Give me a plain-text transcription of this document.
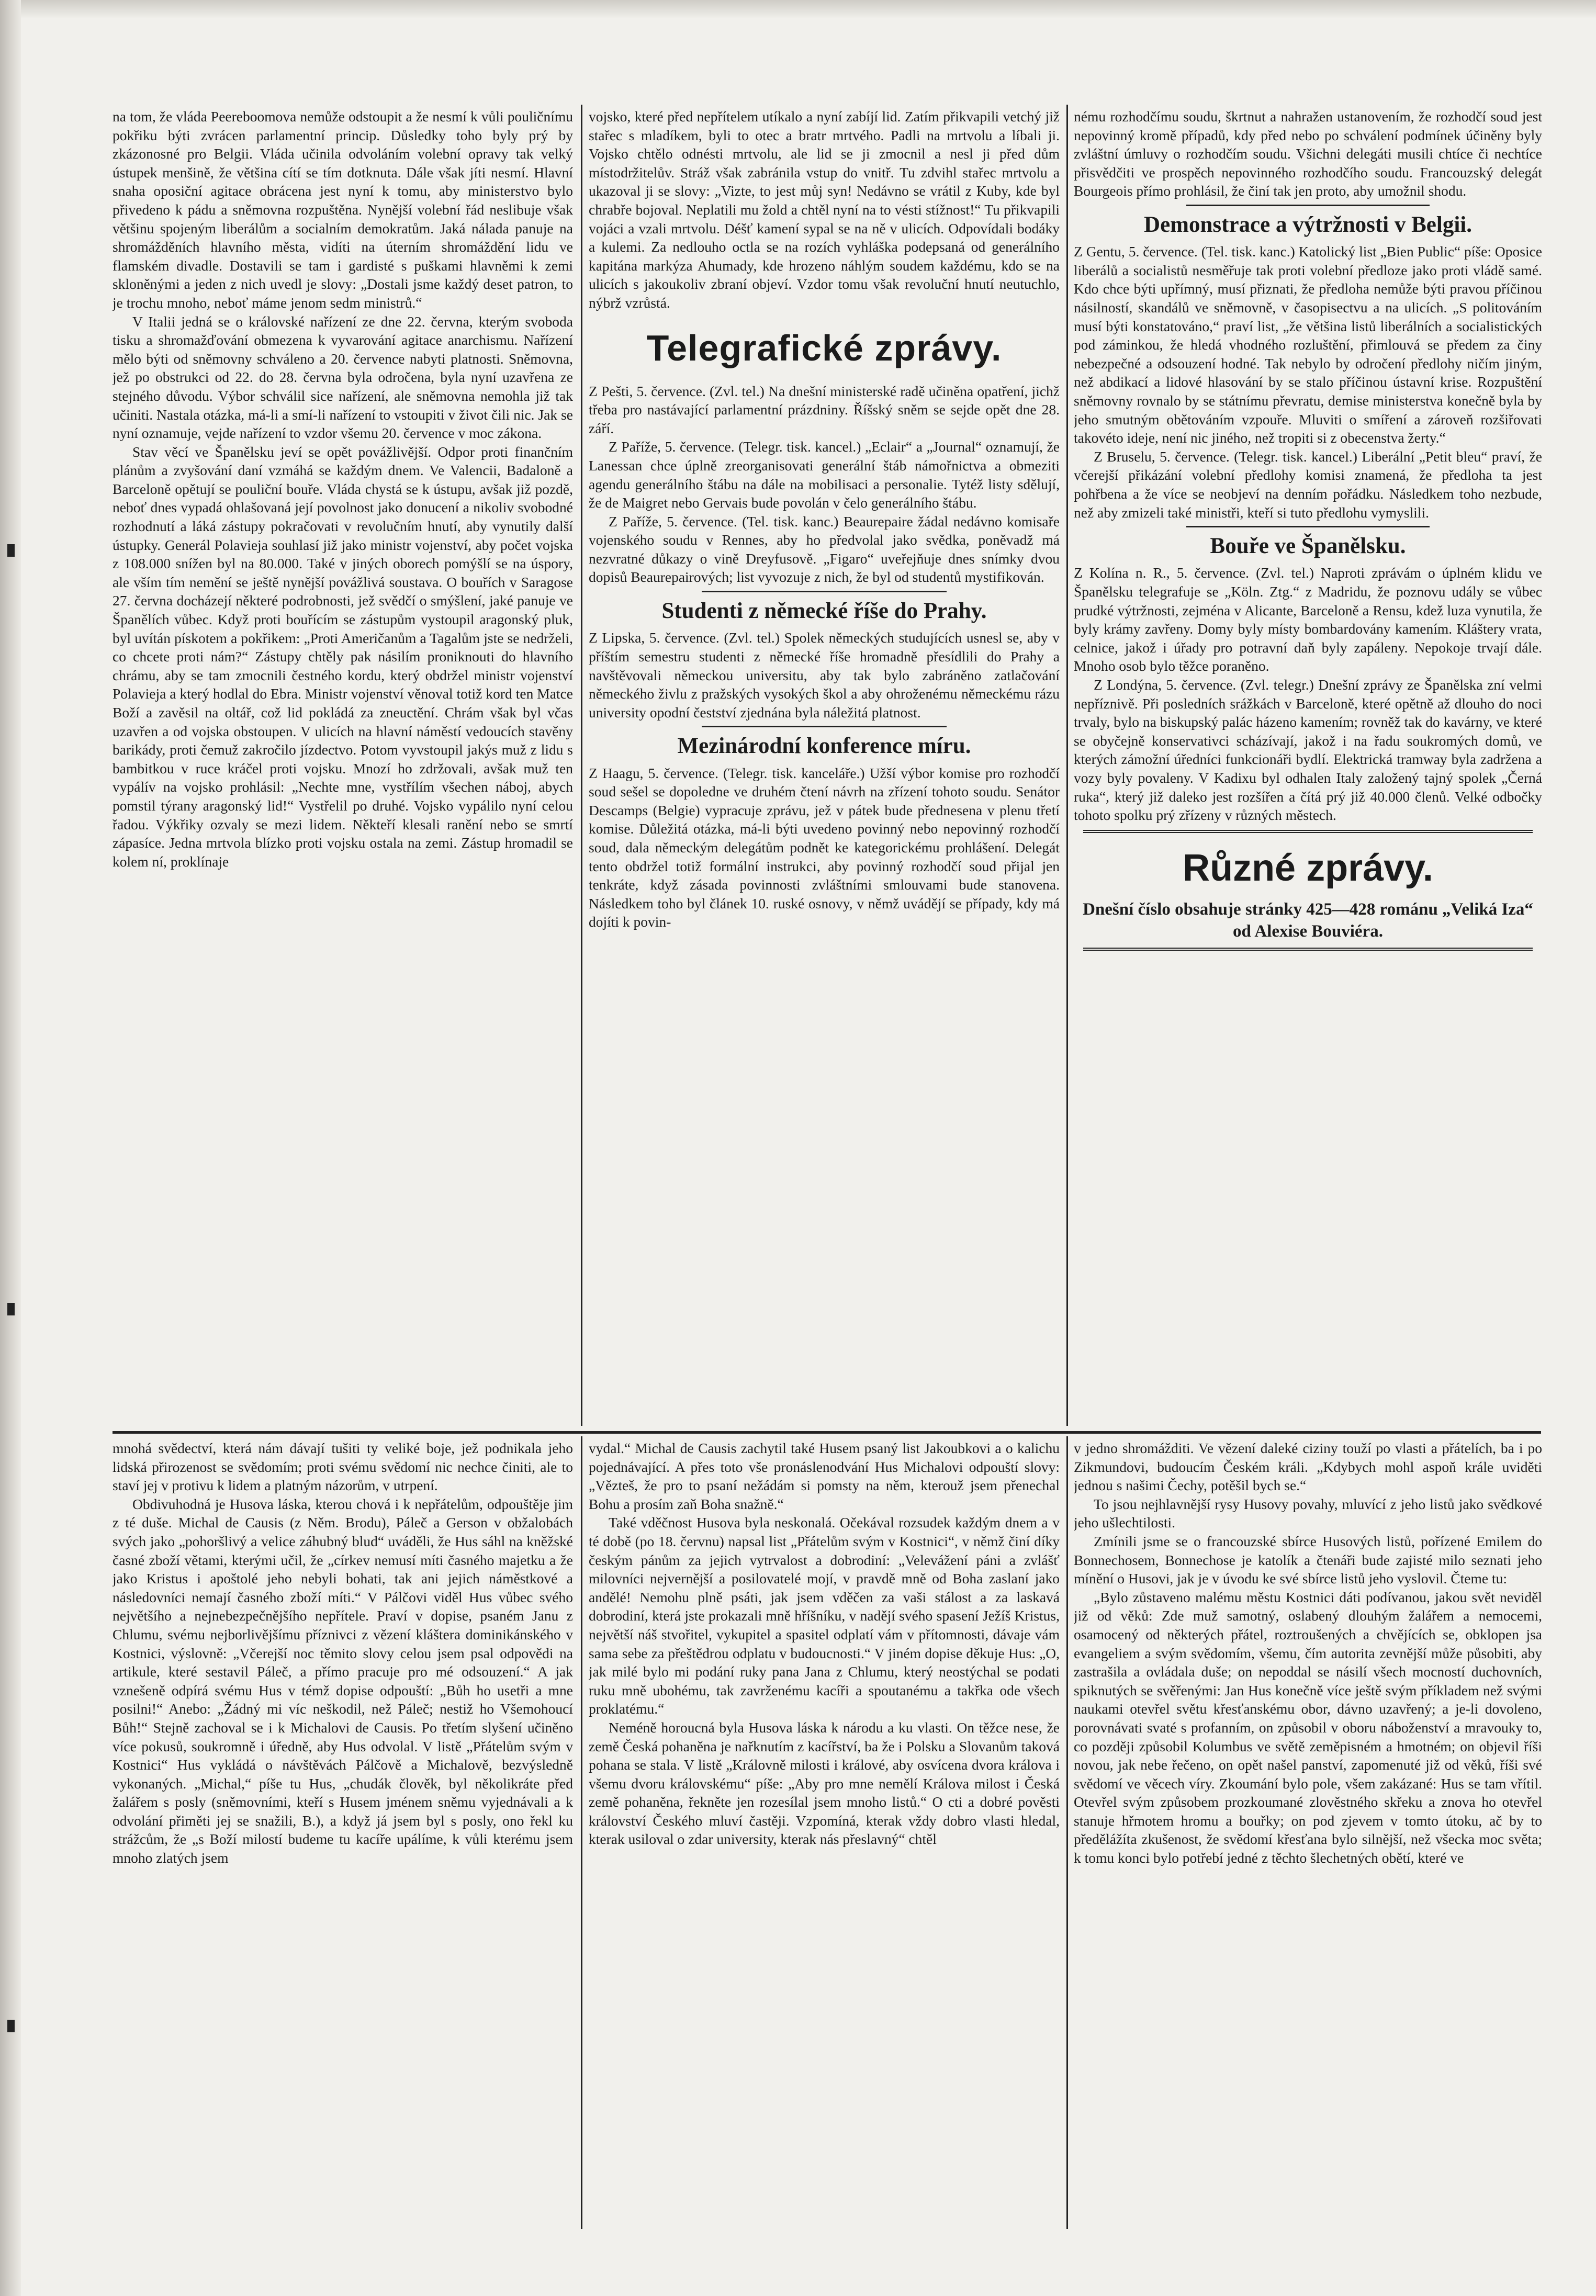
na tom, že vláda Peereboomova nemůže odstoupit a že nesmí k vůli pouličnímu pokřiku býti zvrácen parlamentní princip. Důsledky toho byly prý by zkázonosné pro Belgii. Vláda učinila odvoláním volební opravy tak velký ústupek menšině, že většina cítí se tím dotknuta. Dále však jíti nesmí. Hlavní snaha oposiční agitace obrácena jest nyní k tomu, aby ministerstvo bylo přivedeno k pádu a sněmovna rozpuštěna. Nynější volební řád neslibuje však většinu spojeným liberálům a socialním demokratům. Jaká nálada panuje na shromážděních hlavního města, vidíti na úterním shromáždění lidu ve flamském divadle. Dostavili se tam i gardisté s puškami hlavněmi k zemi skloněnými a jeden z nich uvedl je slovy: „Dostali jsme každý deset patron, to je trochu mnoho, neboť máme jenom sedm ministrů.“

V Italii jedná se o královské nařízení ze dne 22. června, kterým svoboda tisku a shromažďování obmezena k vyvarování agitace anarchismu. Nařízení mělo býti od sněmovny schváleno a 20. července nabyti platnosti. Sněmovna, jež po obstrukci od 22. do 28. června byla odročena, byla nyní uzavřena ze stejného důvodu. Výbor schválil sice nařízení, ale sněmovna nemohla již tak učiniti. Nastala otázka, má-li a smí-li nařízení to vstoupiti v život čili nic. Jak se nyní oznamuje, vejde nařízení to vzdor všemu 20. července v moc zákona.

Stav věcí ve Španělsku jeví se opět povážlivější. Odpor proti finančním plánům a zvyšování daní vzmáhá se každým dnem. Ve Valencii, Badaloně a Barceloně opětují se pouliční bouře. Vláda chystá se k ústupu, avšak již pozdě, neboť dnes vypadá ohlašovaná její povolnost jako donucení a nikoliv svobodné rozhodnutí a láká zástupy pokračovati v revolučním hnutí, aby vynutily další ústupky. Generál Polavieja souhlasí již jako ministr vojenství, aby počet vojska z 108.000 snížen byl na 80.000. Také v jiných oborech pomýšlí se na úspory, ale vším tím nemění se ještě nynější povážlivá soustava. O bouřích v Saragose 27. června docházejí některé podrobnosti, jež svědčí o smýšlení, jaké panuje ve Španělích vůbec. Když proti bouřícím se zástupům vystoupil aragonský pluk, byl uvítán pískotem a pokřikem: „Proti Američanům a Tagalům jste se nedrželi, co chcete proti nám?“ Zástupy chtěly pak násilím proniknouti do hlavního chrámu, aby se tam zmocnili čestného kordu, který obdržel ministr vojenství Polavieja a který hodlal do Ebra. Ministr vojenství věnoval totiž kord ten Matce Boží a zavěsil na oltář, což lid pokládá za zneuctění. Chrám však byl včas uzavřen a od vojska obstoupen. V ulicích na hlavní náměstí vedoucích stavěny barikády, proti čemuž zakročilo jízdectvo. Potom vyvstoupil jakýs muž z lidu s bambitkou v ruce kráčel proti vojsku. Mnozí ho zdržovali, avšak muž ten vypálív na vojsko prohlásil: „Nechte mne, vystřílím všechen náboj, abych pomstil týrany aragonský lid!“ Vystřelil po druhé. Vojsko vypálilo nyní celou řadou. Výkřiky ozvaly se mezi lidem. Někteří klesali ranění nebo se smrtí zápasíce. Jedna mrtvola blízko proti vojsku ostala na zemi. Zástup hromadil se kolem ní, proklínaje

vojsko, které před nepřítelem utíkalo a nyní zabíjí lid. Zatím přikvapili vetchý již stařec s mladíkem, byli to otec a bratr mrtvého. Padli na mrtvolu a líbali ji. Vojsko chtělo odnésti mrtvolu, ale lid se ji zmocnil a nesl ji před dům místodržitelův. Stráž však zabránila vstup do vnitř. Tu zdvihl stařec mrtvolu a ukazoval ji se slovy: „Vizte, to jest můj syn! Nedávno se vrátil z Kuby, kde byl chrabře bojoval. Neplatili mu žold a chtěl nyní na to vésti stížnost!“ Tu přikvapili vojáci a vzali mrtvolu. Déšť kamení sypal se na ně v ulicích. Odpovídali bodáky a kulemi. Za nedlouho octla se na rozích vyhláška podepsaná od generálního kapitána markýza Ahumady, kde hrozeno náhlým soudem každému, kdo se na ulicích s jakoukoliv zbraní objeví. Vzdor tomu však revoluční hnutí neutuchlo, nýbrž vzrůstá.

Telegrafické zprávy.

Z Pešti, 5. července. (Zvl. tel.) Na dnešní ministerské radě učiněna opatření, jichž třeba pro nastávající parlamentní prázdniny. Říšský sněm se sejde opět dne 28. září.

Z Paříže, 5. července. (Telegr. tisk. kancel.) „Eclair“ a „Journal“ oznamují, že Lanessan chce úplně zreorganisovati generální štáb námořnictva a obmeziti agendu generálního štábu na dále na mobilisaci a personalie. Tytéž listy sdělují, že de Maigret nebo Gervais bude povolán v čelo generálního štábu.

Z Paříže, 5. července. (Tel. tisk. kanc.) Beaurepaire žádal nedávno komisaře vojenského soudu v Rennes, aby ho předvolal jako svědka, poněvadž má nezvratné důkazy o vině Dreyfusově. „Figaro“ uveřejňuje dnes snímky dvou dopisů Beaurepairových; list vyvozuje z nich, že byl od studentů mystifikován.

Studenti z německé říše do Prahy.

Z Lipska, 5. července. (Zvl. tel.) Spolek německých studujících usnesl se, aby v příštím semestru studenti z německé říše hromadně přesídlili do Prahy a navštěvovali německou universitu, aby tak bylo zabráněno zatlačování německého živlu z pražských vysokých škol a aby ohroženému německému rázu university opodní čestství zjednána byla náležitá platnost.

Mezinárodní konference míru.

Z Haagu, 5. července. (Telegr. tisk. kanceláře.) Užší výbor komise pro rozhodčí soud sešel se dopoledne ve druhém čtení návrh na zřízení tohoto soudu. Senátor Descamps (Belgie) vypracuje zprávu, jež v pátek bude přednesena v plenu třetí komise. Důležitá otázka, má-li býti uvedeno povinný nebo nepovinný rozhodčí soud, dala německým delegátům podnět ke kategorickému prohlášení. Delegát tento obdržel totiž formální instrukci, aby povinný rozhodčí soud přijal jen tenkráte, když zásada povinnosti zvláštními smlouvami bude stanovena. Následkem toho byl článek 10. ruské osnovy, v němž uvádějí se případy, kdy má dojíti k povin-

nému rozhodčímu soudu, škrtnut a nahražen ustanovením, že rozhodčí soud jest nepovinný kromě případů, kdy před nebo po schválení podmínek účiněny byly zvláštní úmluvy o rozhodčím soudu. Všichni delegáti musili chtíce či nechtíce přisvědčiti ve prospěch nepovinného rozhodčího soudu. Francouzský delegát Bourgeois přímo prohlásil, že činí tak jen proto, aby umožnil shodu.

Demonstrace a výtržnosti v Belgii.

Z Gentu, 5. července. (Tel. tisk. kanc.) Katolický list „Bien Public“ píše: Oposice liberálů a socialistů nesměřuje tak proti volební předloze jako proti vládě samé. Kdo chce býti upřímný, musí přiznati, že předloha nemůže býti pravou příčinou násilností, skandálů ve sněmovně, v časopisectvu a na ulicích. „S politováním musí býti konstatováno,“ praví list, „že většina listů liberálních a socialistických pod záminkou, že hledá vhodného rozluštění, přimlouvá se předem za činy nebezpečné a odsouzení hodné. Tak nebylo by odročení předlohy ničím jiným, než abdikací a lidové hlasování by se stalo příčinou ústavní krise. Rozpuštění sněmovny rovnalo by se státnímu převratu, demise ministerstva konečně byla by jeho smutným obětováním vzpouře. Mluviti o smíření a zároveň rozšiřovati takovéto ideje, není nic jiného, než tropiti si z obecenstva žerty.“

Z Bruselu, 5. července. (Telegr. tisk. kancel.) Liberální „Petit bleu“ praví, že včerejší přikázání volební předlohy komisi znamená, že předloha ta jest pohřbena a že více se neobjeví na denním pořádku. Následkem toho nezbude, než aby zmizeli také ministři, kteří si tuto předlohu vymyslili.

Bouře ve Španělsku.

Z Kolína n. R., 5. července. (Zvl. tel.) Naproti zprávám o úplném klidu ve Španělsku telegrafuje se „Köln. Ztg.“ z Madridu, že poznovu udály se vůbec prudké výtržnosti, zejména v Alicante, Barceloně a Rensu, kdež luza vynutila, že byly krámy zavřeny. Domy byly místy bombardovány kamením. Kláštery vrata, celnice, jakož i úřady pro potravní daň byly zapáleny. Nepokoje trvají dále. Mnoho osob bylo těžce poraněno.

Z Londýna, 5. července. (Zvl. telegr.) Dnešní zprávy ze Španělska zní velmi nepříznivě. Při posledních srážkách v Barceloně, které opětně až dlouho do noci trvaly, bylo na biskupský palác házeno kamením; rovněž tak do kavárny, ve které se obyčejně konservativci scházívají, jakož i na řadu soukromých domů, ve kterých zámožní úředníci funkcionáři bydlí. Elektrická tramway byla zadržena a vozy byly povaleny. V Kadixu byl odhalen Italy založený tajný spolek „Černá ruka“, který již daleko jest rozšířen a čítá prý již 40.000 členů. Velké odbočky tohoto spolku prý zřízeny v různých městech.

Různé zprávy.

Dnešní číslo obsahuje stránky 425—428 románu „Veliká Iza“ od Alexise Bouviéra.

mnohá svědectví, která nám dávají tušiti ty veliké boje, jež podnikala jeho lidská přirozenost se svědomím; proti svému svědomí nic nechce činiti, ale to staví jej v protivu k lidem a platným názorům, v utrpení.

Obdivuhodná je Husova láska, kterou chová i k nepřátelům, odpouštěje jim z té duše. Michal de Causis (z Něm. Brodu), Páleč a Gerson v obžalobách svých jako „pohoršlivý a velice záhubný blud“ uváděli, že Hus sáhl na kněžské časné zboží větami, kterými učil, že „církev nemusí míti časného majetku a že jako Kristus i apoštolé jeho nebyli bohati, tak ani jejich náměstkové a následovníci nemají časného zboží míti.“ V Pálčovi viděl Hus vůbec svého největšího a nejnebezpečnějšího nepřítele. Praví v dopise, psaném Janu z Chlumu, svému nejborlivějšímu příznivci z vězení kláštera dominikánského v Kostnici, výslovně: „Včerejší noc těmito slovy celou jsem psal odpovědi na artikule, které sestavil Páleč, a přímo pracuje pro mé odsouzení.“ A jak vznešeně odpírá svému Hus v témž dopise odpouští: „Bůh ho usetři a mne posilni!“ Anebo: „Žádný mi víc neškodil, než Páleč; nestiž ho Všemohoucí Bůh!“ Stejně zachoval se i k Michalovi de Causis. Po třetím slyšení učiněno více pokusů, soukromně i úředně, aby Hus odvolal. V listě „Přátelům svým v Kostnici“ Hus vykládá o návštěvách Pálčově a Michalově, bezvýsledně vykonaných. „Michal,“ píše tu Hus, „chudák člověk, byl několikráte před žalářem s posly (sněmovními, kteří s Husem jménem sněmu vyjednávali a k odvolání přiměti jej se snažili, B.), a když já jsem byl s posly, ono řekl ku strážcům, že „s Boží milostí budeme tu kacíře upálíme, k vůli kterému jsem mnoho zlatých jsem

vydal.“ Michal de Causis zachytil také Husem psaný list Jakoubkovi a o kalichu pojednávající. A přes toto vše pronáslenodvání Hus Michalovi odpouští slovy: „Vězteš, že pro to psaní nežádám si pomsty na něm, kterouž jsem přenechal Bohu a prosím zaň Boha snažně.“

Také vděčnost Husova byla neskonalá. Očekával rozsudek každým dnem a v té době (po 18. červnu) napsal list „Přátelům svým v Kostnici“, v němž činí díky českým pánům za jejich vytrvalost a dobrodiní: „Velevážení páni a zvlášť milovníci nejvernější a posilovatelé mojí, v pravdě mně od Boha zaslaní jako andělé! Nemohu plně psáti, jak jsem vděčen za vaši stálost a za laskavá dobrodiní, která jste prokazali mně hříšníku, v nadějí svého spasení Ježíš Kristus, největší náš stvořitel, vykupitel a spasitel odplatí vám v přítomnosti, dávaje vám sama sebe za přeštědrou odplatu v budoucnosti.“ V jiném dopise děkuje Hus: „O, jak milé bylo mi podání ruky pana Jana z Chlumu, který neostýchal se podati ruku mně ubohému, tak zavrženému kacíři a spoutanému a takřka ode všech proklatému.“

Neméně horoucná byla Husova láska k národu a ku vlasti. On těžce nese, že země Česká pohaněna je nařknutím z kacířství, ba že i Polsku a Slovanům taková pohana se stala. V listě „Královně milosti i králové, aby osvícena dvora králova i všemu dvoru královskému“ píše: „Aby pro mne nemělí Králova milost i Česká země pohaněna, řekněte jen rozesílal jsem mnoho listů.“ O cti a dobré pověsti království Českého mluví častěji. Vzpomíná, kterak vždy dobro vlasti hledal, kterak usiloval o zdar university, kterak nás přeslavný“ chtěl

v jedno shromážditi. Ve vězení daleké ciziny touží po vlasti a přátelích, ba i po Zikmundovi, budoucím Českém králi. „Kdybych mohl aspoň krále uviděti jednou s našimi Čechy, potěšil bych se.“

To jsou nejhlavnější rysy Husovy povahy, mluvící z jeho listů jako svědkové jeho ušlechtilosti.

Zmínili jsme se o francouzské sbírce Husových listů, pořízené Emilem do Bonnechosem, Bonnechose je katolík a čtenáři bude zajisté milo seznati jeho mínění o Husovi, jak je v úvodu ke své sbírce listů jeho vyslovil. Čteme tu:

„Bylo zůstaveno malému městu Kostnici dáti podívanou, jakou svět neviděl již od věků: Zde muž samotný, oslabený dlouhým žalářem a nemocemi, osamocený od některých přátel, roztroušených a chvějících se, obklopen jsa evangeliem a svým svědomím, všemu, čím autorita zevnější může působiti, aby zastrašila a ovládala duše; on nepoddal se násilí všech mocností duchovních, spiknutých se svěřenými: Jan Hus konečně více ještě svým příkladem než svými naukami otevřel světu křesťanskému obor, dávno uzavřený; a je-li dovoleno, porovnávati svaté s profanním, on způsobil v oboru náboženství a mravouky to, co později způsobil Kolumbus ve světě zeměpisném a hmotném; on objevil říši novou, jak nebe řečeno, on opět našel panství, zapomenuté již od věků, říši své svědomí ve věcech víry. Zkoumání bylo pole, všem zakázané: Hus se tam vřítil. Otevřel svým způsobem prozkoumané zlověstného skřeku a znova ho otevřel stanuje hřmotem hromu a bouřky; on pod zjevem v tomto útoku, ač by to předělážíta zkušenost, že svědomí křesťana bylo silnější, než všecka moc světa; k tomu konci bylo potřebí jedné z těchto šlechetných obětí, které ve
